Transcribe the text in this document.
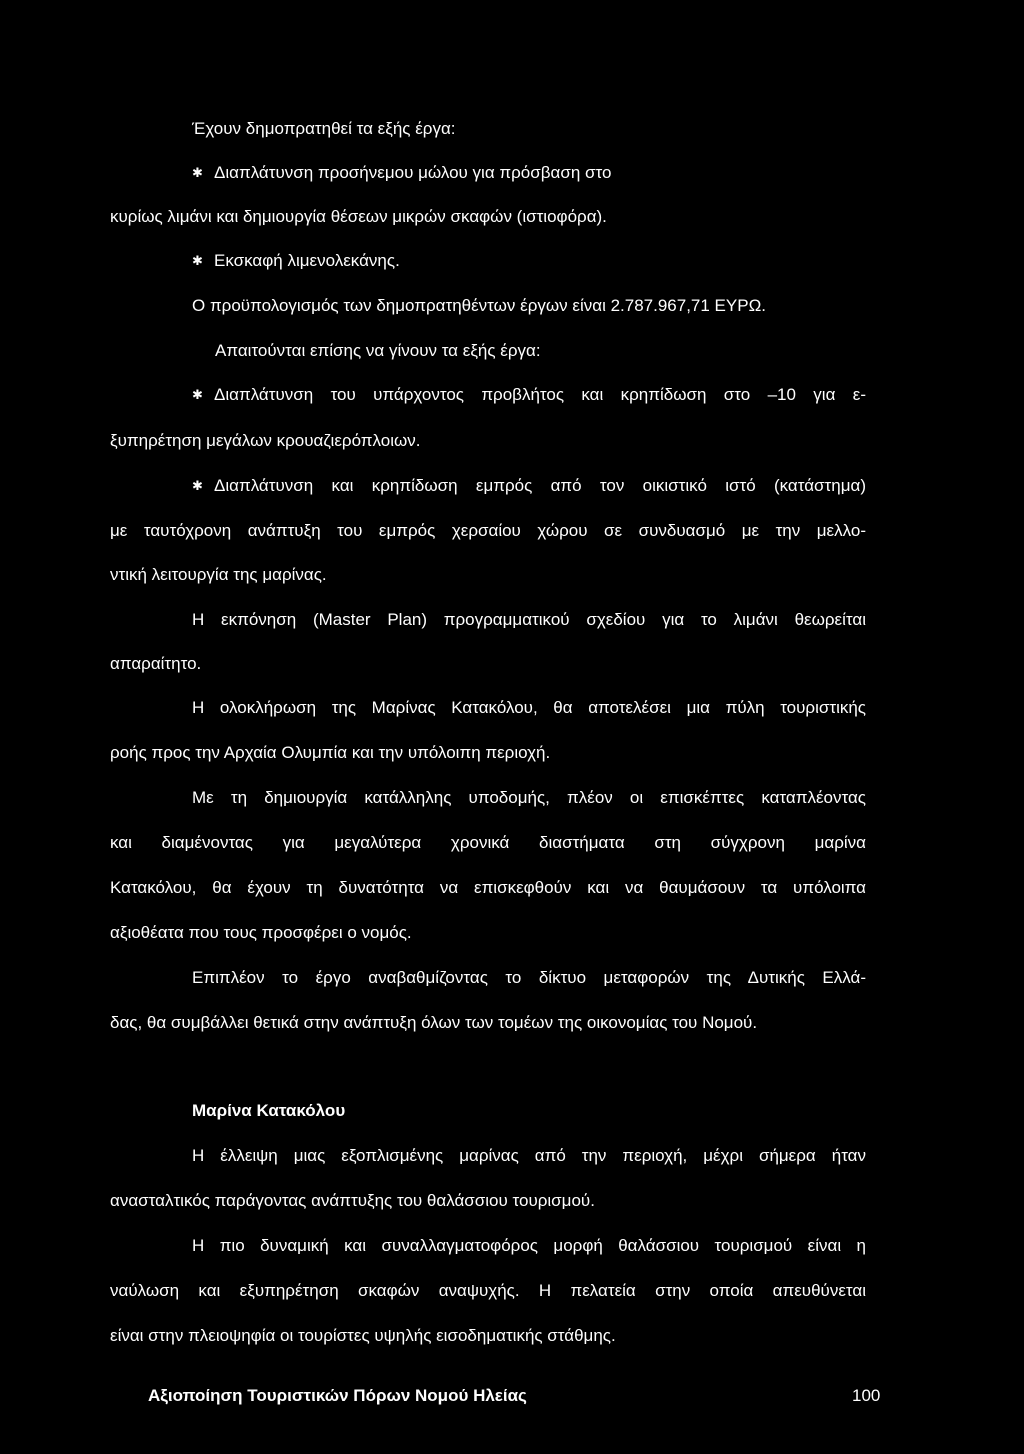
Έχουν δημοπρατηθεί τα εξής έργα:
✱ Διαπλάτυνση προσήνεμου μώλου για πρόσβαση στο
κυρίως λιμάνι και δημιουργία θέσεων μικρών σκαφών (ιστιοφόρα).
✱ Εκσκαφή λιμενολεκάνης.
Ο προϋπολογισμός των δημοπρατηθέντων έργων είναι 2.787.967,71 ΕΥΡΩ.
Απαιτούνται επίσης να γίνουν τα εξής έργα:
✱ Διαπλάτυνση του υπάρχοντος προβλήτος και κρηπίδωση στο –10 για ε-
ξυπηρέτηση μεγάλων κρουαζιερόπλοιων.
✱ Διαπλάτυνση και κρηπίδωση εμπρός από τον οικιστικό ιστό (κατάστημα)
με ταυτόχρονη ανάπτυξη του εμπρός χερσαίου χώρου σε συνδυασμό με την μελλο-
ντική λειτουργία της μαρίνας.
Η εκπόνηση (Master Plan) προγραμματικού σχεδίου για το λιμάνι θεωρείται
απαραίτητο.
Η ολοκλήρωση της Μαρίνας Κατακόλου, θα αποτελέσει μια πύλη τουριστικής
ροής προς την Αρχαία Ολυμπία και την υπόλοιπη περιοχή.
Με τη δημιουργία κατάλληλης υποδομής, πλέον οι επισκέπτες καταπλέοντας
και διαμένοντας για μεγαλύτερα χρονικά διαστήματα στη σύγχρονη μαρίνα
Κατακόλου, θα έχουν τη δυνατότητα να επισκεφθούν και να θαυμάσουν τα υπόλοιπα
αξιοθέατα που τους προσφέρει ο νομός.
Επιπλέον το έργο αναβαθμίζοντας το δίκτυο μεταφορών της Δυτικής Ελλά-
δας, θα συμβάλλει θετικά στην ανάπτυξη όλων των τομέων της οικονομίας του Νομού.
Μαρίνα Κατακόλου
Η έλλειψη μιας εξοπλισμένης μαρίνας από την περιοχή, μέχρι σήμερα ήταν
ανασταλτικός παράγοντας ανάπτυξης του θαλάσσιου τουρισμού.
Η πιο δυναμική και συναλλαγματοφόρος μορφή θαλάσσιου τουρισμού είναι η
ναύλωση και εξυπηρέτηση σκαφών αναψυχής. Η πελατεία στην οποία απευθύνεται
είναι στην πλειοψηφία οι τουρίστες υψηλής εισοδηματικής στάθμης.
Αξιοποίηση Τουριστικών Πόρων Νομού Ηλείας	100
